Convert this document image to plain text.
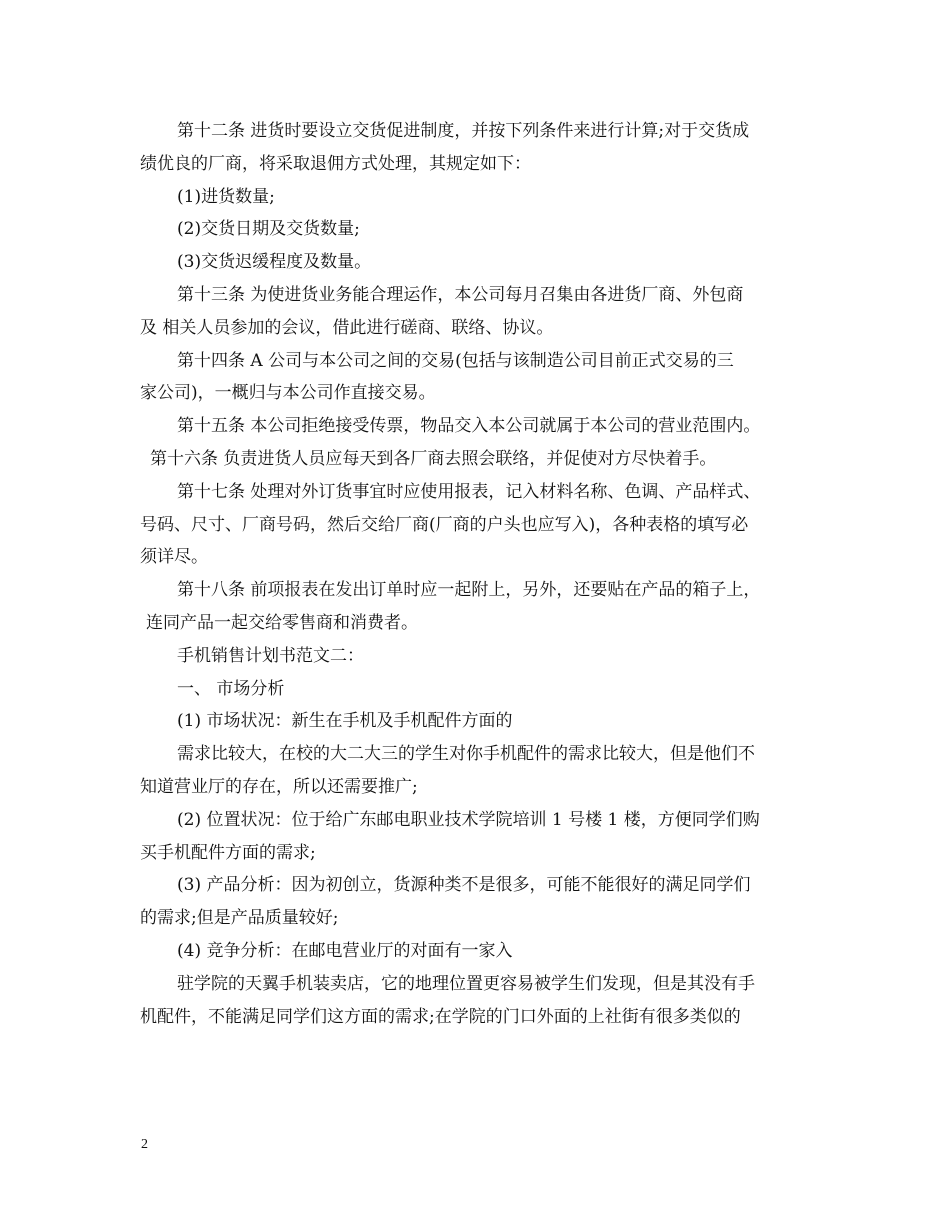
第十二条 进货时要设立交货促进制度，并按下列条件来进行计算;对于交货成
绩优良的厂商，将采取退佣方式处理，其规定如下：
(1)进货数量;
(2)交货日期及交货数量;
(3)交货迟缓程度及数量。
第十三条 为使进货业务能合理运作，本公司每月召集由各进货厂商、外包商
及 相关人员参加的会议，借此进行磋商、联络、协议。
第十四条 A 公司与本公司之间的交易(包括与该制造公司目前正式交易的三
家公司)，一概归与本公司作直接交易。
第十五条 本公司拒绝接受传票，物品交入本公司就属于本公司的营业范围内。
第十六条 负责进货人员应每天到各厂商去照会联络，并促使对方尽快着手。
第十七条 处理对外订货事宜时应使用报表，记入材料名称、色调、产品样式、
号码、尺寸、厂商号码，然后交给厂商(厂商的户头也应写入)，各种表格的填写必
须详尽。
第十八条 前项报表在发出订单时应一起附上，另外，还要贴在产品的箱子上，
连同产品一起交给零售商和消费者。
手机销售计划书范文二：
一、 市场分析
(1) 市场状况：新生在手机及手机配件方面的
需求比较大，在校的大二大三的学生对你手机配件的需求比较大，但是他们不
知道营业厅的存在，所以还需要推广;
(2) 位置状况：位于给广东邮电职业技术学院培训 1 号楼 1 楼，方便同学们购
买手机配件方面的需求;
(3) 产品分析：因为初创立，货源种类不是很多，可能不能很好的满足同学们
的需求;但是产品质量较好;
(4) 竞争分析：在邮电营业厅的对面有一家入
驻学院的天翼手机装卖店，它的地理位置更容易被学生们发现，但是其没有手
机配件，不能满足同学们这方面的需求;在学院的门口外面的上社街有很多类似的
2
